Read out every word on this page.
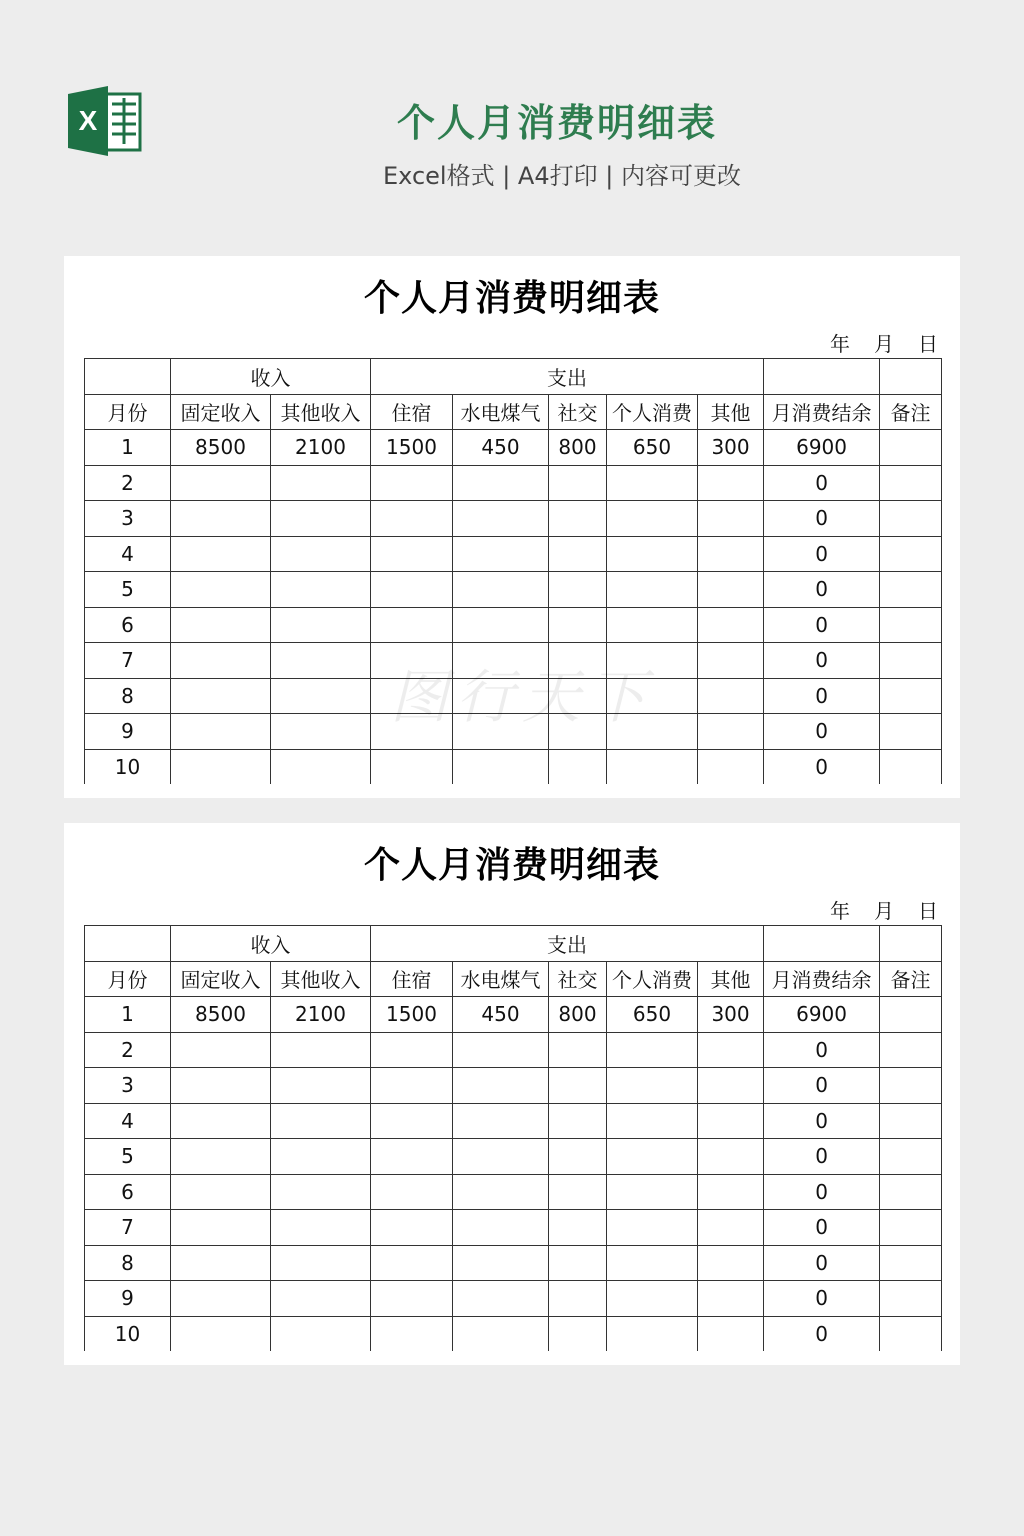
X	个人月消费明细表
Excel格式 | A4打印 | 内容可更改
个人月消费明细表
年 月 日
	收入		支出						
月份	固定收入	其他收入	住宿	水电煤气	社交	个人消费	其他	月消费结余	备注
1	8500	2100	1500	450	800	650	300	6900	
2								0	
3								0	
4								0	
5								0	
6								0	
7								0	
8								0	
9								0	
10								0	
个人月消费明细表
年 月 日
	收入		支出						
月份	固定收入	其他收入	住宿	水电煤气	社交	个人消费	其他	月消费结余	备注
1	8500	2100	1500	450	800	650	300	6900	
2								0	
3								0	
4								0	
5								0	
6								0	
7								0	
8								0	
9								0	
10								0	
